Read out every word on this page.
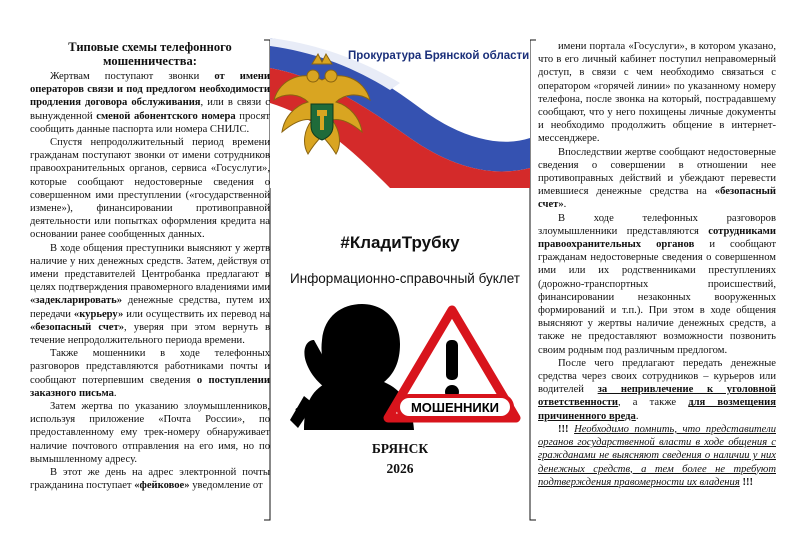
Типовые схемы телефонного мошенничества:

Жертвам поступают звонки от имени операторов связи и под предлогом необходимости продления договора обслуживания, или в связи с вынужденной сменой абонентского номера просят сообщить данные паспорта или номера СНИЛС.

Спустя непродолжительный период времени гражданам поступают звонки от имени сотрудников правоохранительных органов, сервиса «Госуслуги», которые сообщают недостоверные сведения о совершенном ими преступлении («государственной измене»), финансировании противоправной деятельности или попытках оформления кредита на основании ранее сообщенных данных.

В ходе общения преступники выясняют у жертв наличие у них денежных средств. Затем, действуя от имени представителей Центробанка предлагают в целях подтверждения правомерного владениями ими «задекларировать» денежные средства, путем их передачи «курьеру» или осуществить их перевод на «безопасный счет», уверяя при этом вернуть в течение непродолжительного периода времени.

Также мошенники в ходе телефонных разговоров представляются работниками почты и сообщают потерпевшим сведения о поступлении заказного письма.

Затем жертва по указанию злоумышленников, используя приложение «Почта России», по предоставленному ему трек-номеру обнаруживает наличие почтового отправления на его имя, но по вымышленному адресу.

В этот же день на адрес электронной почты гражданина поступает «фейковое» уведомление от

Прокуратура Брянской области
#КладиТрубку
Информационно-справочный буклет
МОШЕННИКИ
БРЯНСК
2026

имени портала «Госуслуги», в котором указано, что в его личный кабинет поступил неправомерный доступ, в связи с чем необходимо связаться с оператором «горячей линии» по указанному номеру телефона, после звонка на который, пострадавшему сообщают, что у него похищены личные документы и необходимо продолжить общение в интернет-мессенджере.

Впоследствии жертве сообщают недостоверные сведения о совершении в отношении нее противоправных действий и убеждают перевести имевшиеся денежные средства на «безопасный счет».

В ходе телефонных разговоров злоумышленники представляются сотрудниками правоохранительных органов и сообщают гражданам недостоверные сведения о совершенном ими или их родственниками преступлениях (дорожно-транспортных происшествий, финансировании незаконных вооруженных формирований и т.п.). При этом в ходе общения выясняют у жертвы наличие денежных средств, а также не предоставляют возможности позвонить своим родным под различным предлогом.

После чего предлагают передать денежные средства через своих сотрудников – курьеров или водителей за непривлечение к уголовной ответственности, а также для возмещения причиненного вреда.

!!! Необходимо помнить, что представители органов государственной власти в ходе общения с гражданами не выясняют сведения о наличии у них денежных средств, а тем более не требуют подтверждения правомерности их владения !!!
